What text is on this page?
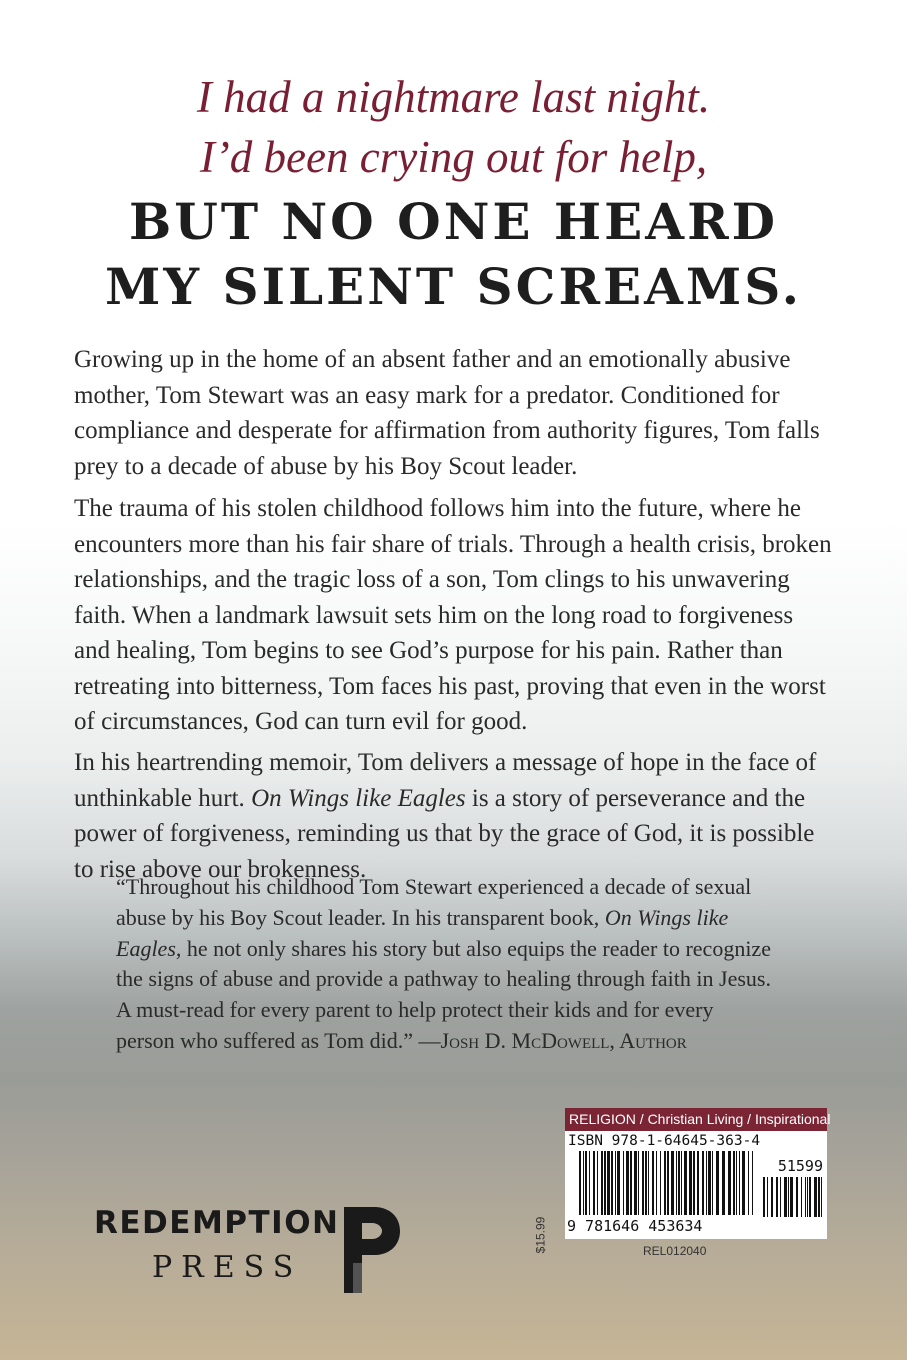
I had a nightmare last night.
I’d been crying out for help,
BUT NO ONE HEARD
MY SILENT SCREAMS.

Growing up in the home of an absent father and an emotionally abusive mother, Tom Stewart was an easy mark for a predator. Conditioned for compliance and desperate for affirmation from authority figures, Tom falls prey to a decade of abuse by his Boy Scout leader.

The trauma of his stolen childhood follows him into the future, where he encounters more than his fair share of trials. Through a health crisis, broken relationships, and the tragic loss of a son, Tom clings to his unwavering faith. When a landmark lawsuit sets him on the long road to forgiveness and healing, Tom begins to see God’s purpose for his pain. Rather than retreating into bitterness, Tom faces his past, proving that even in the worst of circumstances, God can turn evil for good.

In his heartrending memoir, Tom delivers a message of hope in the face of unthinkable hurt. On Wings like Eagles is a story of perseverance and the power of forgiveness, reminding us that by the grace of God, it is possible to rise above our brokenness.

“Throughout his childhood Tom Stewart experienced a decade of sexual abuse by his Boy Scout leader. In his transparent book, On Wings like Eagles, he not only shares his story but also equips the reader to recognize the signs of abuse and provide a pathway to healing through faith in Jesus. A must-read for every parent to help protect their kids and for every person who suffered as Tom did.” —Josh D. McDowell, Author

REDEMPTION
PRESS
$15.99
RELIGION / Christian Living / Inspirational
ISBN 978-1-64645-363-4
51599
9 781646 453634
REL012040
